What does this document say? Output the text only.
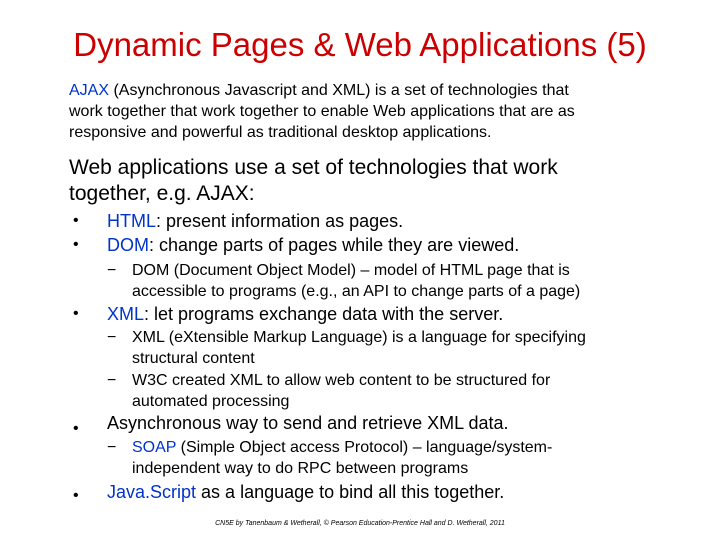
Dynamic Pages & Web Applications (5)
AJAX (Asynchronous Javascript and XML) is a set of technologies that
work together that work together to enable Web applications that are as
responsive and powerful as traditional desktop applications.
Web applications use a set of technologies that work
together, e.g. AJAX:
• HTML: present information as pages.
• DOM: change parts of pages while they are viewed.
− DOM (Document Object Model) – model of HTML page that is
accessible to programs (e.g., an API to change parts of a page)
• XML: let programs exchange data with the server.
− XML (eXtensible Markup Language) is a language for specifying
structural content
− W3C created XML to allow web content to be structured for
automated processing
• Asynchronous way to send and retrieve XML data.
− SOAP (Simple Object access Protocol) – language/system-
independent way to do RPC between programs
• Java.Script as a language to bind all this together.
CN5E by Tanenbaum & Wetherall, © Pearson Education-Prentice Hall and D. Wetherall, 2011
